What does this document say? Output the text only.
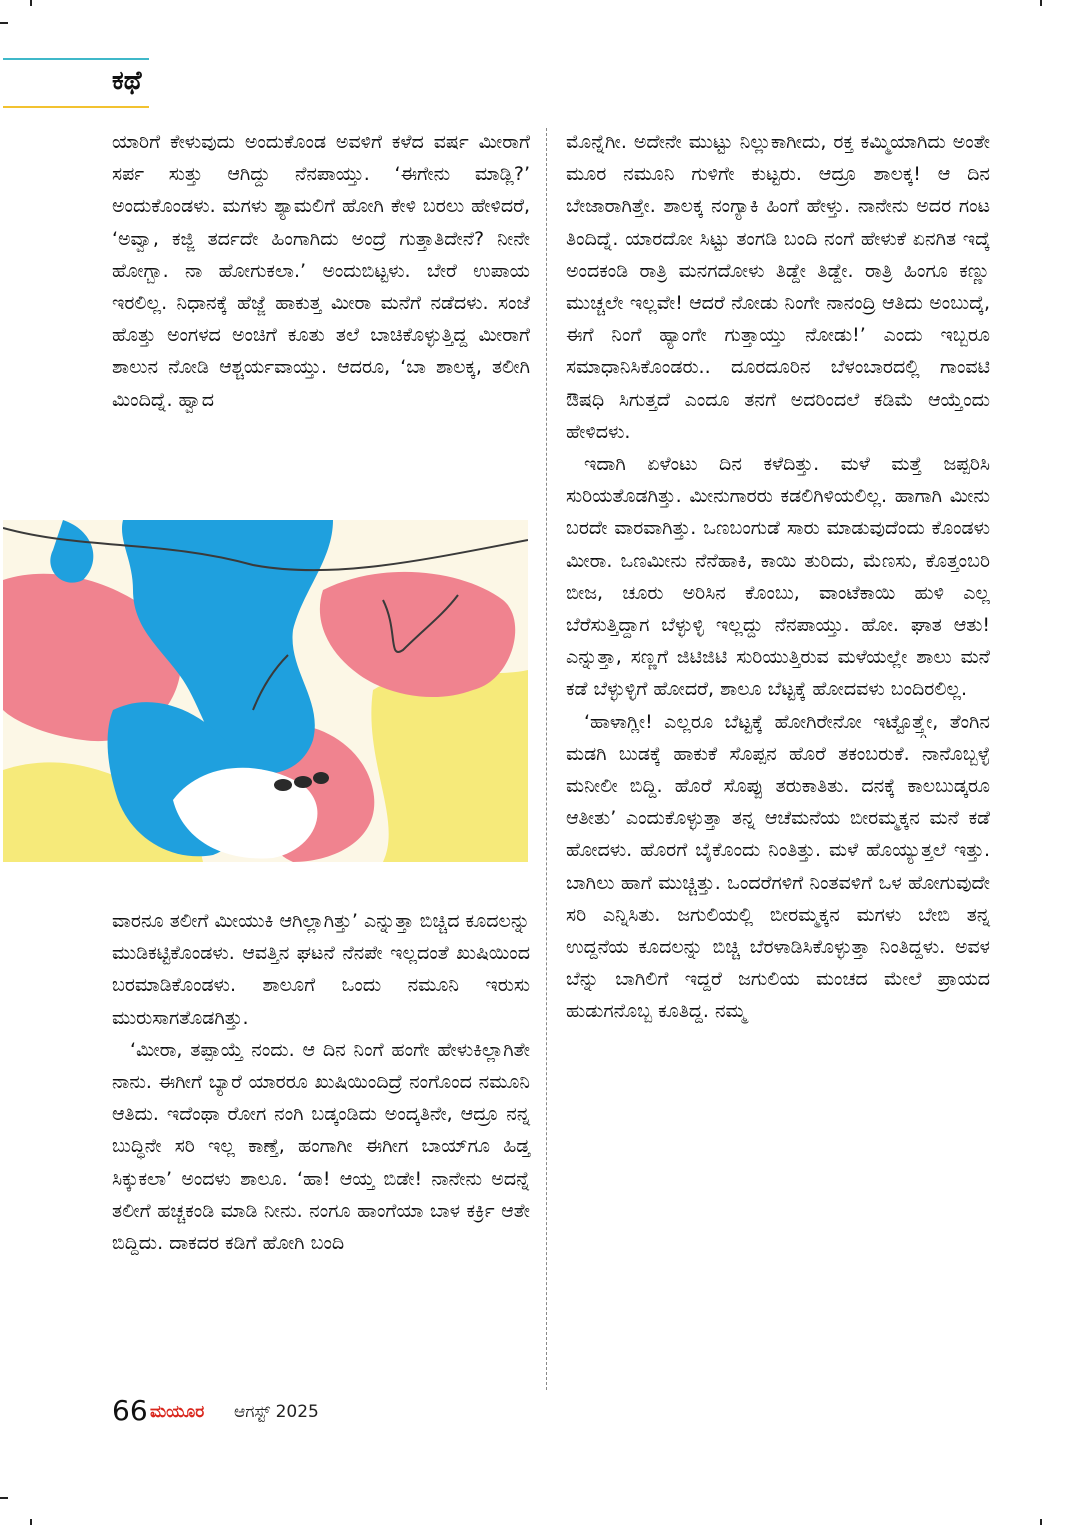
ಕಥೆ

ಯಾರಿಗೆ ಕೇಳುವುದು ಅಂದುಕೊಂಡ ಅವಳಿಗೆ ಕಳೆದ ವರ್ಷ ಮೀರಾಗೆ ಸರ್ಪ ಸುತ್ತು ಆಗಿದ್ದು ನೆನಪಾಯ್ತು. ‘ಈಗೇನು ಮಾಡ್ಲಿ?’ ಅಂದುಕೊಂಡಳು. ಮಗಳು ಶ್ಯಾಮಲಿಗೆ ಹೋಗಿ ಕೇಳಿ ಬರಲು ಹೇಳಿದರೆ, ‘ಅವ್ವಾ, ಕಜ್ಜಿ ತರ್ದದೇ ಹಿಂಗಾಗಿದು ಅಂದ್ರೆ ಗುತ್ತಾತಿದೇನೆ? ನೀನೇ ಹೋಗ್ಬಾ. ನಾ ಹೋಗುಕಲಾ.’ ಅಂದುಬಿಟ್ಟಳು. ಬೇರೆ ಉಪಾಯ ಇರಲಿಲ್ಲ. ನಿಧಾನಕ್ಕೆ ಹೆಜ್ಜೆ ಹಾಕುತ್ತ ಮೀರಾ ಮನೆಗೆ ನಡೆದಳು. ಸಂಜೆ ಹೊತ್ತು ಅಂಗಳದ ಅಂಚಿಗೆ ಕೂತು ತಲೆ ಬಾಚಿಕೊಳ್ಳುತ್ತಿದ್ದ ಮೀರಾಗೆ ಶಾಲುನ ನೋಡಿ ಆಶ್ಚರ್ಯವಾಯ್ತು. ಆದರೂ, ‘ಬಾ ಶಾಲಕ್ಕ, ತಲೀಗಿ ಮಿಂದಿದ್ನೆ. ಹ್ವಾದ

ವಾರನೂ ತಲೀಗೆ ಮೀಯುಕಿ ಆಗಿಲ್ಲಾಗಿತ್ತು’ ಎನ್ನುತ್ತಾ ಬಿಚ್ಚಿದ ಕೂದಲನ್ನು ಮುಡಿಕಟ್ಟಿಕೊಂಡಳು. ಆವತ್ತಿನ ಘಟನೆ ನೆನಪೇ ಇಲ್ಲದಂತೆ ಖುಷಿಯಿಂದ ಬರಮಾಡಿಕೊಂಡಳು. ಶಾಲೂಗೆ ಒಂದು ನಮೂನಿ ಇರುಸು ಮುರುಸಾಗತೊಡಗಿತ್ತು.

‘ಮೀರಾ, ತಪ್ಪಾಯ್ತೆ ನಂದು. ಆ ದಿನ ನಿಂಗೆ ಹಂಗೇ ಹೇಳುಕಿಲ್ಲಾಗಿತೇ ನಾನು. ಈಗೀಗೆ ಬ್ಯಾರೆ ಯಾರರೂ ಖುಷಿಯಿಂದಿದ್ರೆ ನಂಗೊಂದ ನಮೂನಿ ಆತಿದು. ಇದೆಂಥಾ ರೋಗ ನಂಗಿ ಬಡ್ಕಂಡಿದು ಅಂದ್ಕತಿನೇ, ಆದ್ರೂ ನನ್ನ ಬುದ್ಧಿನೇ ಸರಿ ಇಲ್ಲ ಕಾಣ್ತೆ, ಹಂಗಾಗೀ ಈಗೀಗ ಬಾಯ್‌ಗೂ ಹಿಡ್ತ ಸಿಕ್ಕುಕಲಾ’ ಅಂದಳು ಶಾಲೂ. ‘ಹಾ! ಆಯ್ತ ಬಿಡೇ! ನಾನೇನು ಅದನ್ನೆ ತಲೀಗೆ ಹಚ್ಚಕಂಡಿ ಮಾಡಿ ನೀನು. ನಂಗೂ ಹಾಂಗೆಯಾ ಬಾಳ ಕರ್ಕ್ರಿ ಆತೇ ಬಿದ್ದಿದು. ದಾಕದರ ಕಡಿಗೆ ಹೋಗಿ ಬಂದಿ

ಮೊನ್ನೆಗೀ. ಅದೇನೇ ಮುಟ್ಟು ನಿಲ್ಲುಕಾಗೀದು, ರಕ್ತ ಕಮ್ಮಿಯಾಗಿದು ಅಂತೇ ಮೂರ ನಮೂನಿ ಗುಳಿಗೇ ಕುಟ್ಟರು. ಆದ್ರೂ ಶಾಲಕ್ಕ! ಆ ದಿನ ಬೇಜಾರಾಗಿತ್ತೇ. ಶಾಲಕ್ಕ ನಂಗ್ಯಾಕಿ ಹಿಂಗೆ ಹೇಳ್ತು. ನಾನೇನು ಅದರ ಗಂಟ ತಿಂದಿದ್ನೆ. ಯಾರದೋ ಸಿಟ್ಟು ತಂಗಡಿ ಬಂದಿ ನಂಗೆ ಹೇಳುಕೆ ಏನಗಿತ ಇದ್ಕೆ ಅಂದಕಂಡಿ ರಾತ್ರಿ ಮನಗದೋಳು ತಿಡ್ದೇ ತಿಡ್ದೇ. ರಾತ್ರಿ ಹಿಂಗೂ ಕಣ್ಣು ಮುಚ್ಚಲೇ ಇಲ್ಲವೇ! ಆದರೆ ನೋಡು ನಿಂಗೇ ನಾನಂದ್ರಿ ಆತಿದು ಅಂಬುದ್ಕೆ, ಈಗೆ ನಿಂಗೆ ಹ್ಯಾಂಗೇ ಗುತ್ತಾಯ್ತು ನೋಡು!’ ಎಂದು ಇಬ್ಬರೂ ಸಮಾಧಾನಿಸಿಕೊಂಡರು.. ದೂರದೂರಿನ ಬೆಳಂಬಾರದಲ್ಲಿ ಗಾಂವಟಿ ಔಷಧಿ ಸಿಗುತ್ತದೆ ಎಂದೂ ತನಗೆ ಅದರಿಂದಲೆ ಕಡಿಮೆ ಆಯ್ತೆಂದು ಹೇಳಿದಳು.

ಇದಾಗಿ ಏಳೆಂಟು ದಿನ ಕಳೆದಿತ್ತು. ಮಳೆ ಮತ್ತೆ ಜಪ್ಪರಿಸಿ ಸುರಿಯತೊಡಗಿತ್ತು. ಮೀನುಗಾರರು ಕಡಲಿಗಿಳಿಯಲಿಲ್ಲ. ಹಾಗಾಗಿ ಮೀನು ಬರದೇ ವಾರವಾಗಿತ್ತು. ಒಣಬಂಗುಡೆ ಸಾರು ಮಾಡುವುದೆಂದು ಕೊಂಡಳು ಮೀರಾ. ಒಣಮೀನು ನೆನೆಹಾಕಿ, ಕಾಯಿ ತುರಿದು, ಮೆಣಸು, ಕೊತ್ತಂಬರಿ ಬೀಜ, ಚೂರು ಅರಿಸಿನ ಕೊಂಬು, ವಾಂಟೆಕಾಯಿ ಹುಳಿ ಎಲ್ಲ ಬೆರೆಸುತ್ತಿದ್ದಾಗ ಬೆಳ್ಳುಳ್ಳಿ ಇಲ್ಲದ್ದು ನೆನಪಾಯ್ತು. ಹೋ. ಘಾತ ಆತು! ಎನ್ನುತ್ತಾ, ಸಣ್ಣಗೆ ಜಿಟಿಜಿಟಿ ಸುರಿಯುತ್ತಿರುವ ಮಳೆಯಲ್ಲೇ ಶಾಲು ಮನೆ ಕಡೆ ಬೆಳ್ಳುಳ್ಳಿಗೆ ಹೋದರೆ, ಶಾಲೂ ಬೆಟ್ಟಕ್ಕೆ ಹೋದವಳು ಬಂದಿರಲಿಲ್ಲ.

‘ಹಾಳಾಗ್ಲೀ! ಎಲ್ಲರೂ ಬೆಟ್ಟಕ್ಕೆ ಹೋಗಿರೇನೋ ಇಟ್ಟೊತ್ತ್ಗೇ, ತೆಂಗಿನ ಮಡಗಿ ಬುಡಕ್ಕೆ ಹಾಕುಕೆ ಸೊಪ್ಪನ ಹೊರೆ ತಕಂಬರುಕೆ. ನಾನೊಬ್ಬಳ್ಳೆ ಮನೀಲೀ ಬಿದ್ದಿ. ಹೊರೆ ಸೊಪ್ಪು ತರುಕಾತಿತು. ದನಕ್ಕೆ ಕಾಲಬುಡ್ಕರೂ ಆತೀತು’ ಎಂದುಕೊಳ್ಳುತ್ತಾ ತನ್ನ ಆಚೆಮನೆಯ ಬೀರಮ್ಮಕ್ಕನ ಮನೆ ಕಡೆ ಹೋದಳು. ಹೊರಗೆ ಬೈಕೊಂದು ನಿಂತಿತ್ತು. ಮಳೆ ಹೊಯ್ಯುತ್ತಲೆ ಇತ್ತು. ಬಾಗಿಲು ಹಾಗೆ ಮುಚ್ಚಿತ್ತು. ಒಂದರೆಗಳಿಗೆ ನಿಂತವಳಿಗೆ ಒಳ ಹೋಗುವುದೇ ಸರಿ ಎನ್ನಿಸಿತು. ಜಗುಲಿಯಲ್ಲಿ ಬೀರಮ್ಮಕ್ಕನ ಮಗಳು ಬೇಬಿ ತನ್ನ ಉದ್ದನೆಯ ಕೂದಲನ್ನು ಬಿಚ್ಚಿ ಬೆರಳಾಡಿಸಿಕೊಳ್ಳುತ್ತಾ ನಿಂತಿದ್ದಳು. ಅವಳ ಬೆನ್ನು ಬಾಗಿಲಿಗೆ ಇದ್ದರೆ ಜಗುಲಿಯ ಮಂಚದ ಮೇಲೆ ಪ್ರಾಯದ ಹುಡುಗನೊಬ್ಬ ಕೂತಿದ್ದ. ನಮ್ಮ

66 ಮಯೂರ ಆಗಸ್ಟ್ 2025
